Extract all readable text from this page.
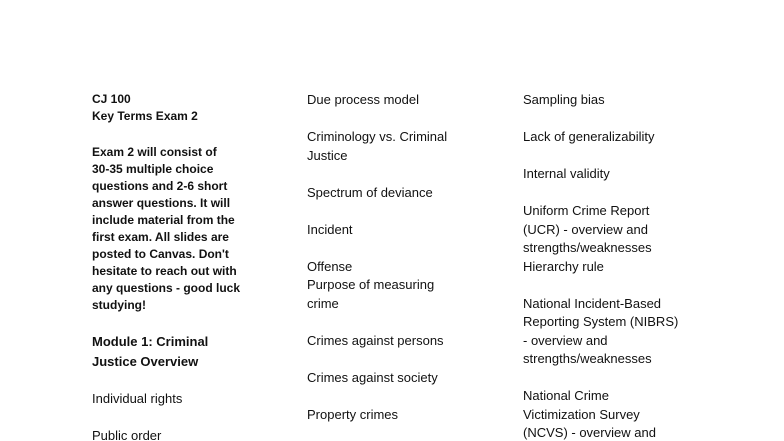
CJ 100
Key Terms Exam 2
Exam 2 will consist of
30-35 multiple choice
questions and 2-6 short
answer questions. It will
include material from the
first exam. All slides are
posted to Canvas. Don't
hesitate to reach out with
any questions - good luck
studying!
Module 1: Criminal
Justice Overview
Individual rights
Public order
Due process model
Criminology vs. Criminal
Justice
Spectrum of deviance
Incident
Offense
Purpose of measuring
crime
Crimes against persons
Crimes against society
Property crimes
Sampling bias
Lack of generalizability
Internal validity
Uniform Crime Report
(UCR) - overview and
strengths/weaknesses
Hierarchy rule
National Incident-Based
Reporting System (NIBRS)
- overview and
strengths/weaknesses
National Crime
Victimization Survey
(NCVS) - overview and
